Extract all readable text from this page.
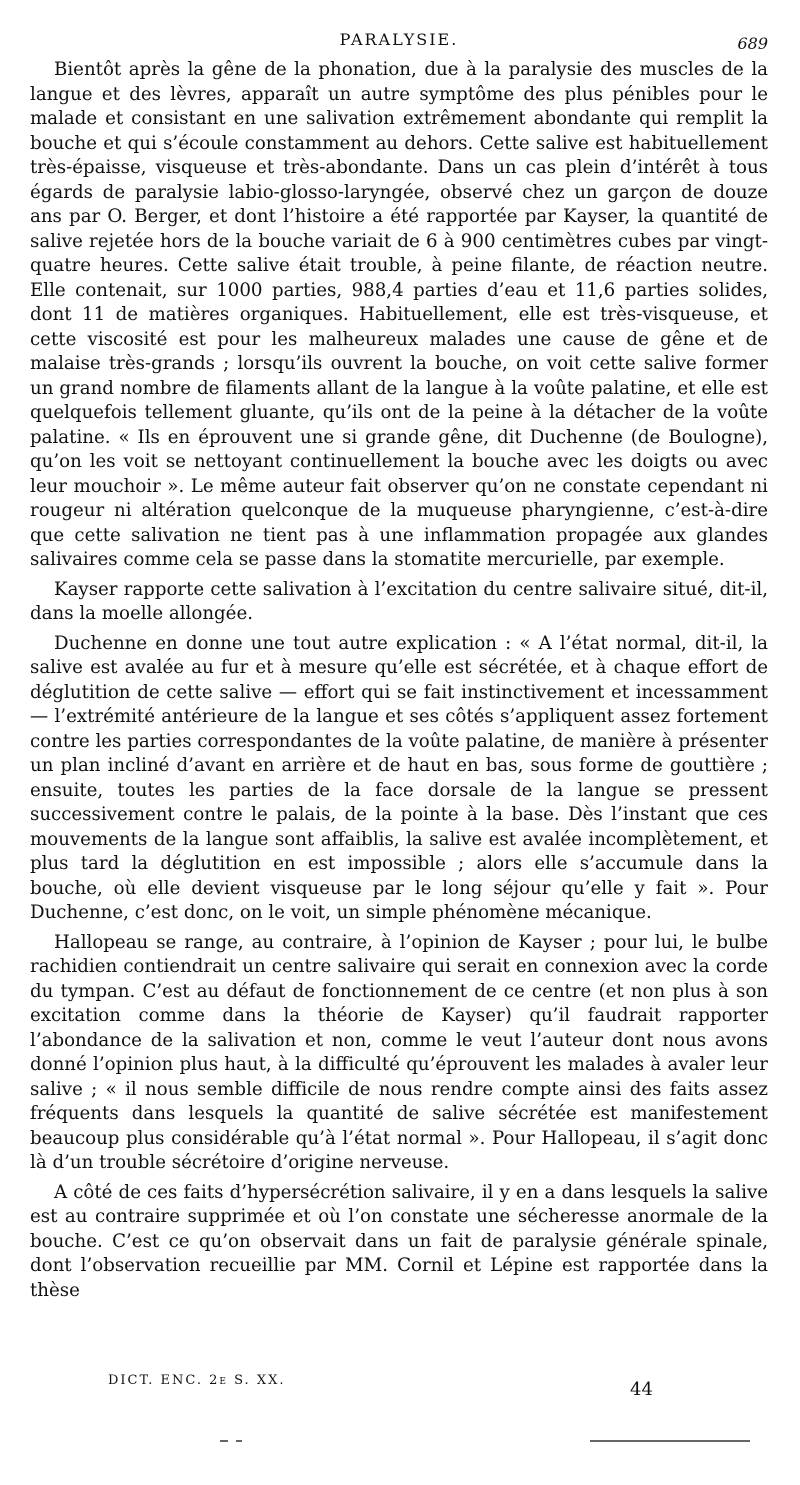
PARALYSIE.	689

Bientôt après la gêne de la phonation, due à la paralysie des muscles de la langue et des lèvres, apparaît un autre symptôme des plus pénibles pour le malade et consistant en une salivation extrêmement abondante qui remplit la bouche et qui s’écoule constamment au dehors. Cette salive est habituellement très-épaisse, visqueuse et très-abondante. Dans un cas plein d’intérêt à tous égards de paralysie labio-glosso-laryngée, observé chez un garçon de douze ans par O. Berger, et dont l’histoire a été rapportée par Kayser, la quantité de salive rejetée hors de la bouche variait de 6 à 900 centimètres cubes par vingt-quatre heures. Cette salive était trouble, à peine filante, de réaction neutre. Elle contenait, sur 1000 parties, 988,4 parties d’eau et 11,6 parties solides, dont 11 de matières organiques. Habituellement, elle est très-visqueuse, et cette viscosité est pour les malheureux malades une cause de gêne et de malaise très-grands ; lorsqu’ils ouvrent la bouche, on voit cette salive former un grand nombre de filaments allant de la langue à la voûte palatine, et elle est quelquefois tellement gluante, qu’ils ont de la peine à la détacher de la voûte palatine. « Ils en éprouvent une si grande gêne, dit Duchenne (de Boulogne), qu’on les voit se nettoyant continuellement la bouche avec les doigts ou avec leur mouchoir ». Le même auteur fait observer qu’on ne constate cependant ni rougeur ni altération quelconque de la muqueuse pharyngienne, c’est-à-dire que cette salivation ne tient pas à une inflammation propagée aux glandes salivaires comme cela se passe dans la stomatite mercurielle, par exemple.

Kayser rapporte cette salivation à l’excitation du centre salivaire situé, dit-il, dans la moelle allongée.

Duchenne en donne une tout autre explication : « A l’état normal, dit-il, la salive est avalée au fur et à mesure qu’elle est sécrétée, et à chaque effort de déglutition de cette salive — effort qui se fait instinctivement et incessamment — l’extrémité antérieure de la langue et ses côtés s’appliquent assez fortement contre les parties correspondantes de la voûte palatine, de manière à présenter un plan incliné d’avant en arrière et de haut en bas, sous forme de gouttière ; ensuite, toutes les parties de la face dorsale de la langue se pressent successivement contre le palais, de la pointe à la base. Dès l’instant que ces mouvements de la langue sont affaiblis, la salive est avalée incomplètement, et plus tard la déglutition en est impossible ; alors elle s’accumule dans la bouche, où elle devient visqueuse par le long séjour qu’elle y fait ». Pour Duchenne, c’est donc, on le voit, un simple phénomène mécanique.

Hallopeau se range, au contraire, à l’opinion de Kayser ; pour lui, le bulbe rachidien contiendrait un centre salivaire qui serait en connexion avec la corde du tympan. C’est au défaut de fonctionnement de ce centre (et non plus à son excitation comme dans la théorie de Kayser) qu’il faudrait rapporter l’abondance de la salivation et non, comme le veut l’auteur dont nous avons donné l’opinion plus haut, à la difficulté qu’éprouvent les malades à avaler leur salive ; « il nous semble difficile de nous rendre compte ainsi des faits assez fréquents dans lesquels la quantité de salive sécrétée est manifestement beaucoup plus considérable qu’à l’état normal ». Pour Hallopeau, il s’agit donc là d’un trouble sécrétoire d’origine nerveuse.

A côté de ces faits d’hypersécrétion salivaire, il y en a dans lesquels la salive est au contraire supprimée et où l’on constate une sécheresse anormale de la bouche. C’est ce qu’on observait dans un fait de paralysie générale spinale, dont l’observation recueillie par MM. Cornil et Lépine est rapportée dans la thèse

DICT. ENC. 2e S. XX.	44
